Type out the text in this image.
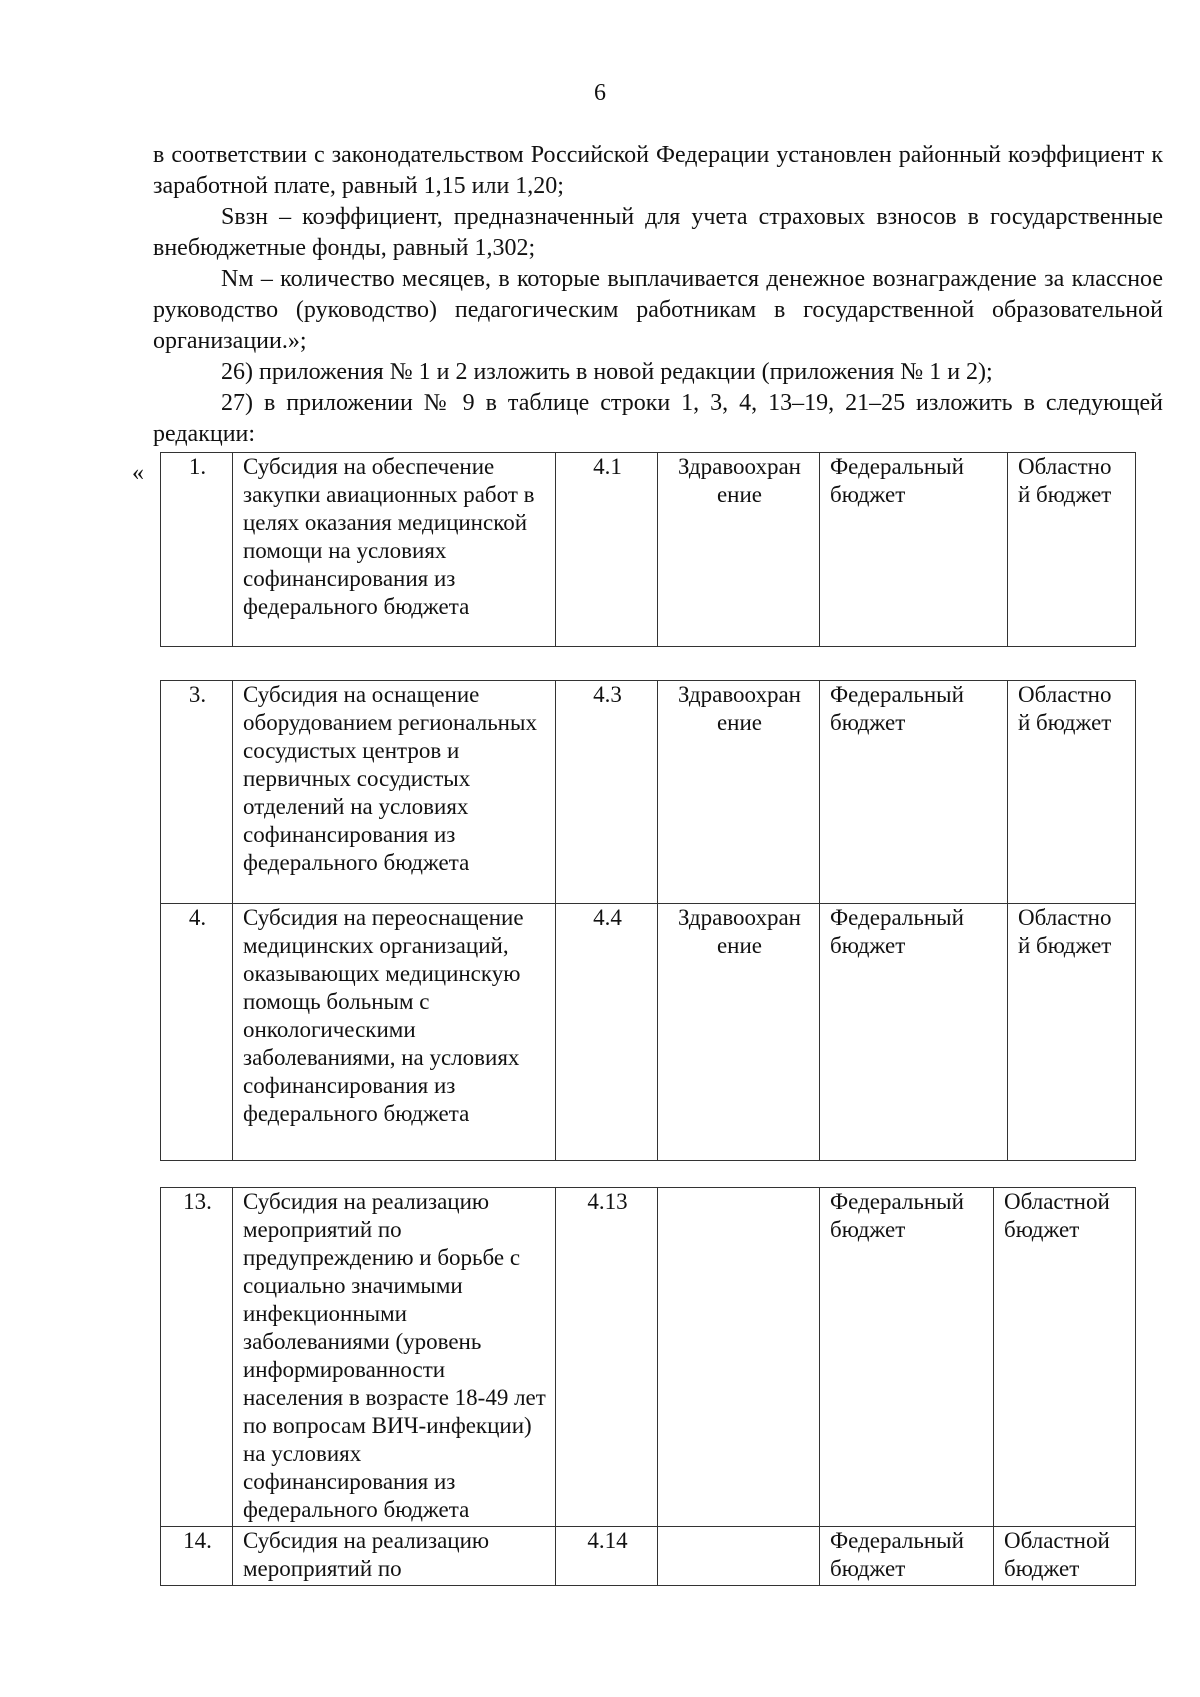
6

в соответствии с законодательством Российской Федерации установлен районный коэффициент к заработной плате, равный 1,15 или 1,20;

Sвзн – коэффициент, предназначенный для учета страховых взносов в государственные внебюджетные фонды, равный 1,302;

Nм – количество месяцев, в которые выплачивается денежное вознаграждение за классное руководство (руководство) педагогическим работникам в государственной образовательной организации.»;

26) приложения № 1 и 2 изложить в новой редакции (приложения № 1 и 2);

27) в приложении № 9 в таблице строки 1, 3, 4, 13–19, 21–25 изложить в следующей редакции:

« 1.	Субсидия на обеспечение закупки авиационных работ в целях оказания медицинской помощи на условиях софинансирования из федерального бюджета	4.1	Здравоохран ение	Федеральный бюджет	Областно й бюджет
3.	Субсидия на оснащение оборудованием региональных сосудистых центров и первичных сосудистых отделений на условиях софинансирования из федерального бюджета	4.3	Здравоохран ение	Федеральный бюджет	Областно й бюджет
4.	Субсидия на переоснащение медицинских организаций, оказывающих медицинскую помощь больным с онкологическими заболеваниями, на условиях софинансирования из федерального бюджета	4.4	Здравоохран ение	Федеральный бюджет	Областно й бюджет
13.	Субсидия на реализацию мероприятий по предупреждению и борьбе с социально значимыми инфекционными заболеваниями (уровень информированности населения в возрасте 18-49 лет по вопросам ВИЧ-инфекции) на условиях софинансирования из федерального бюджета	4.13		Федеральный бюджет	Областной бюджет
14.	Субсидия на реализацию мероприятий по	4.14		Федеральный бюджет	Областной бюджет
